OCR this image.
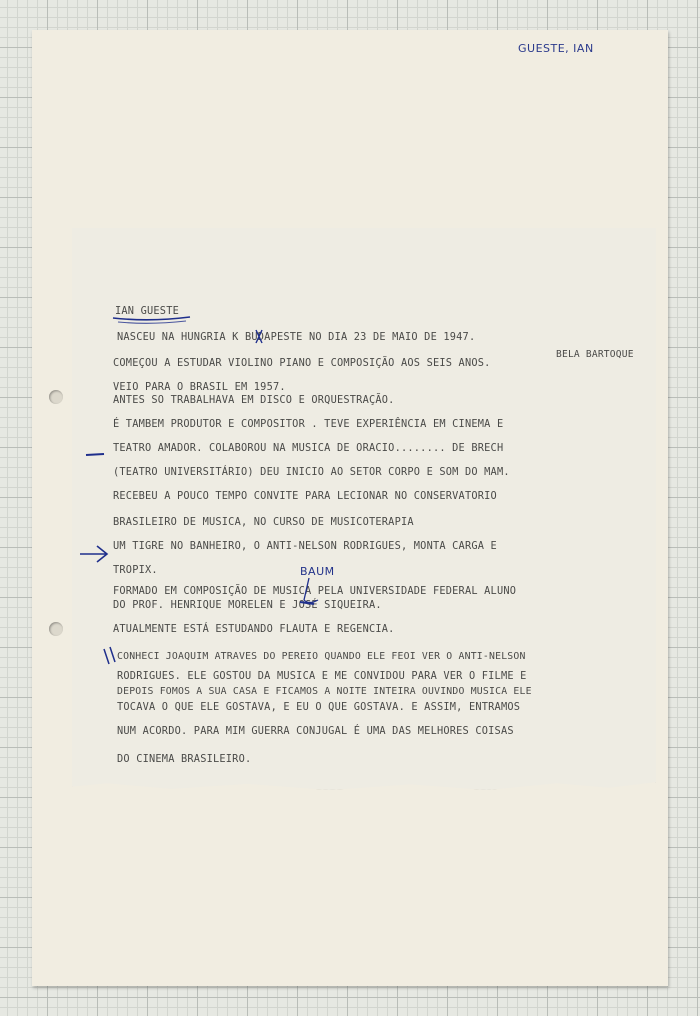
GUESTE, IAN
IAN GUESTE
NASCEU NA HUNGRIA K BUDAPESTE NO DIA 23 DE MAIO DE 1947.
COMEÇOU A ESTUDAR VIOLINO PIANO E COMPOSIÇÃO AOS SEIS ANOS.
BELA BARTOQUE
VEIO PARA O BRASIL EM 1957.
ANTES SO TRABALHAVA EM DISCO E ORQUESTRAÇÃO.
É TAMBEM PRODUTOR E COMPOSITOR . TEVE EXPERIÊNCIA EM CINEMA E
TEATRO AMADOR. COLABOROU NA MUSICA DE ORACIO........ DE BRECH
(TEATRO UNIVERSITÁRIO) DEU INICIO AO SETOR CORPO E SOM DO MAM.
RECEBEU A POUCO TEMPO CONVITE PARA LECIONAR NO CONSERVATORIO
BRASILEIRO DE MUSICA, NO CURSO DE MUSICOTERAPIA
UM TIGRE NO BANHEIRO, O ANTI-NELSON RODRIGUES, MONTA CARGA E
TROPIX.
FORMADO EM COMPOSIÇÃO DE MUSICA PELA UNIVERSIDADE FEDERAL ALUNO
DO PROF. HENRIQUE MORELEN E JOSÉ SIQUEIRA.
ATUALMENTE ESTÁ ESTUDANDO FLAUTA E REGENCIA.
CONHECI JOAQUIM ATRAVES DO PEREIO QUANDO ELE FEOI VER O ANTI-NELSON
RODRIGUES. ELE GOSTOU DA MUSICA E ME CONVIDOU PARA VER O FILME E
DEPOIS FOMOS A SUA CASA E FICAMOS A NOITE INTEIRA OUVINDO MUSICA ELE
TOCAVA O QUE ELE GOSTAVA, E EU O QUE GOSTAVA. E ASSIM, ENTRAMOS
NUM ACORDO. PARA MIM GUERRA CONJUGAL É UMA DAS MELHORES COISAS
DO CINEMA BRASILEIRO.
BAUM
